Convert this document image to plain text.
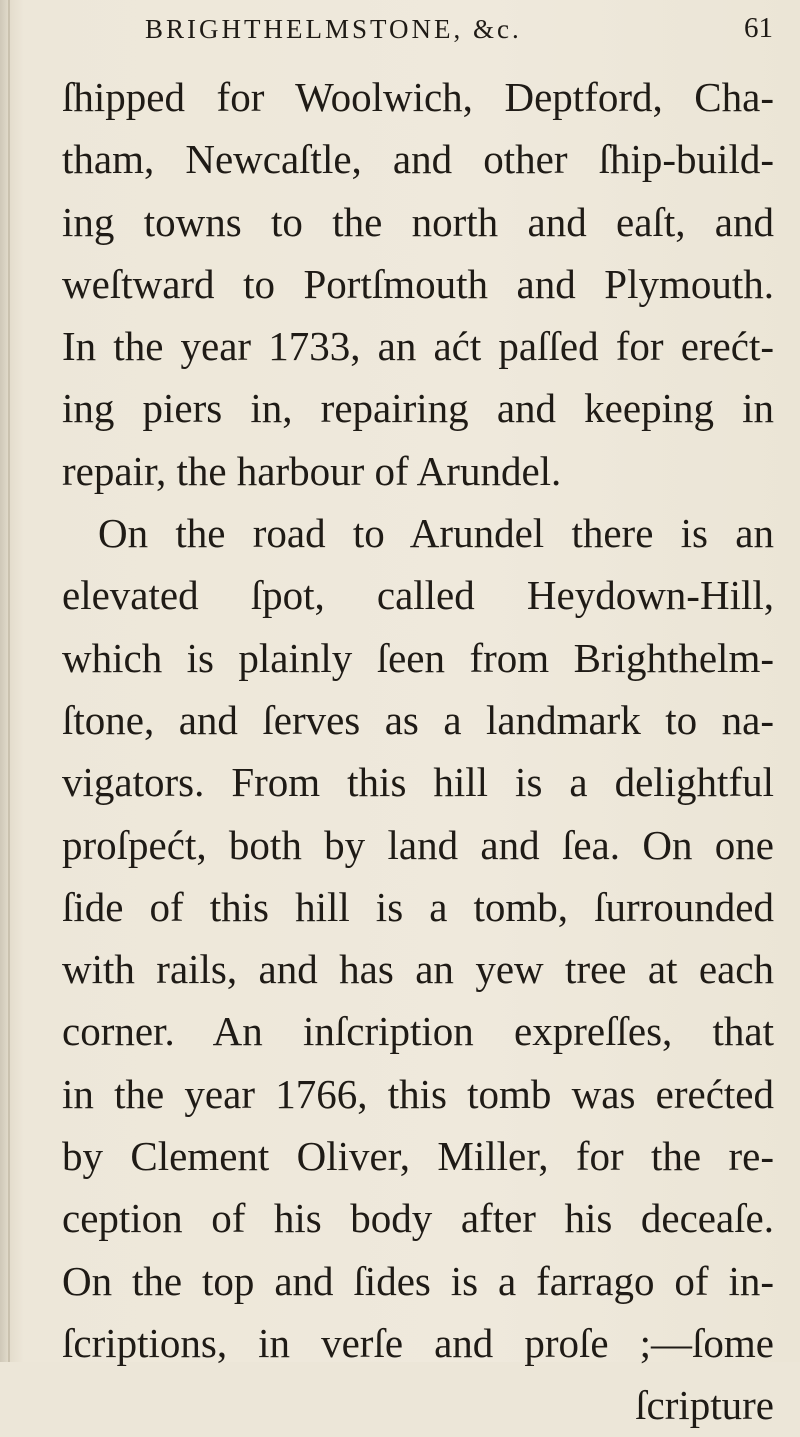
BRIGHTHELMSTONE, &c.	61
ſhipped for Woolwich, Deptford, Cha-
tham, Newcaſtle, and other ſhip-build-
ing towns to the north and eaſt, and
weſtward to Portſmouth and Plymouth.
In the year 1733, an aćt paſſed for erećt-
ing piers in, repairing and keeping in
repair, the harbour of Arundel.
On the road to Arundel there is an
elevated ſpot, called Heydown-Hill,
which is plainly ſeen from Brighthelm-
ſtone, and ſerves as a landmark to na-
vigators. From this hill is a delightful
proſpećt, both by land and ſea. On one
ſide of this hill is a tomb, ſurrounded
with rails, and has an yew tree at each
corner. An inſcription expreſſes, that
in the year 1766, this tomb was erećted
by Clement Oliver, Miller, for the re-
ception of his body after his deceaſe.
On the top and ſides is a farrago of in-
ſcriptions, in verſe and proſe ;—ſome
ſcripture
